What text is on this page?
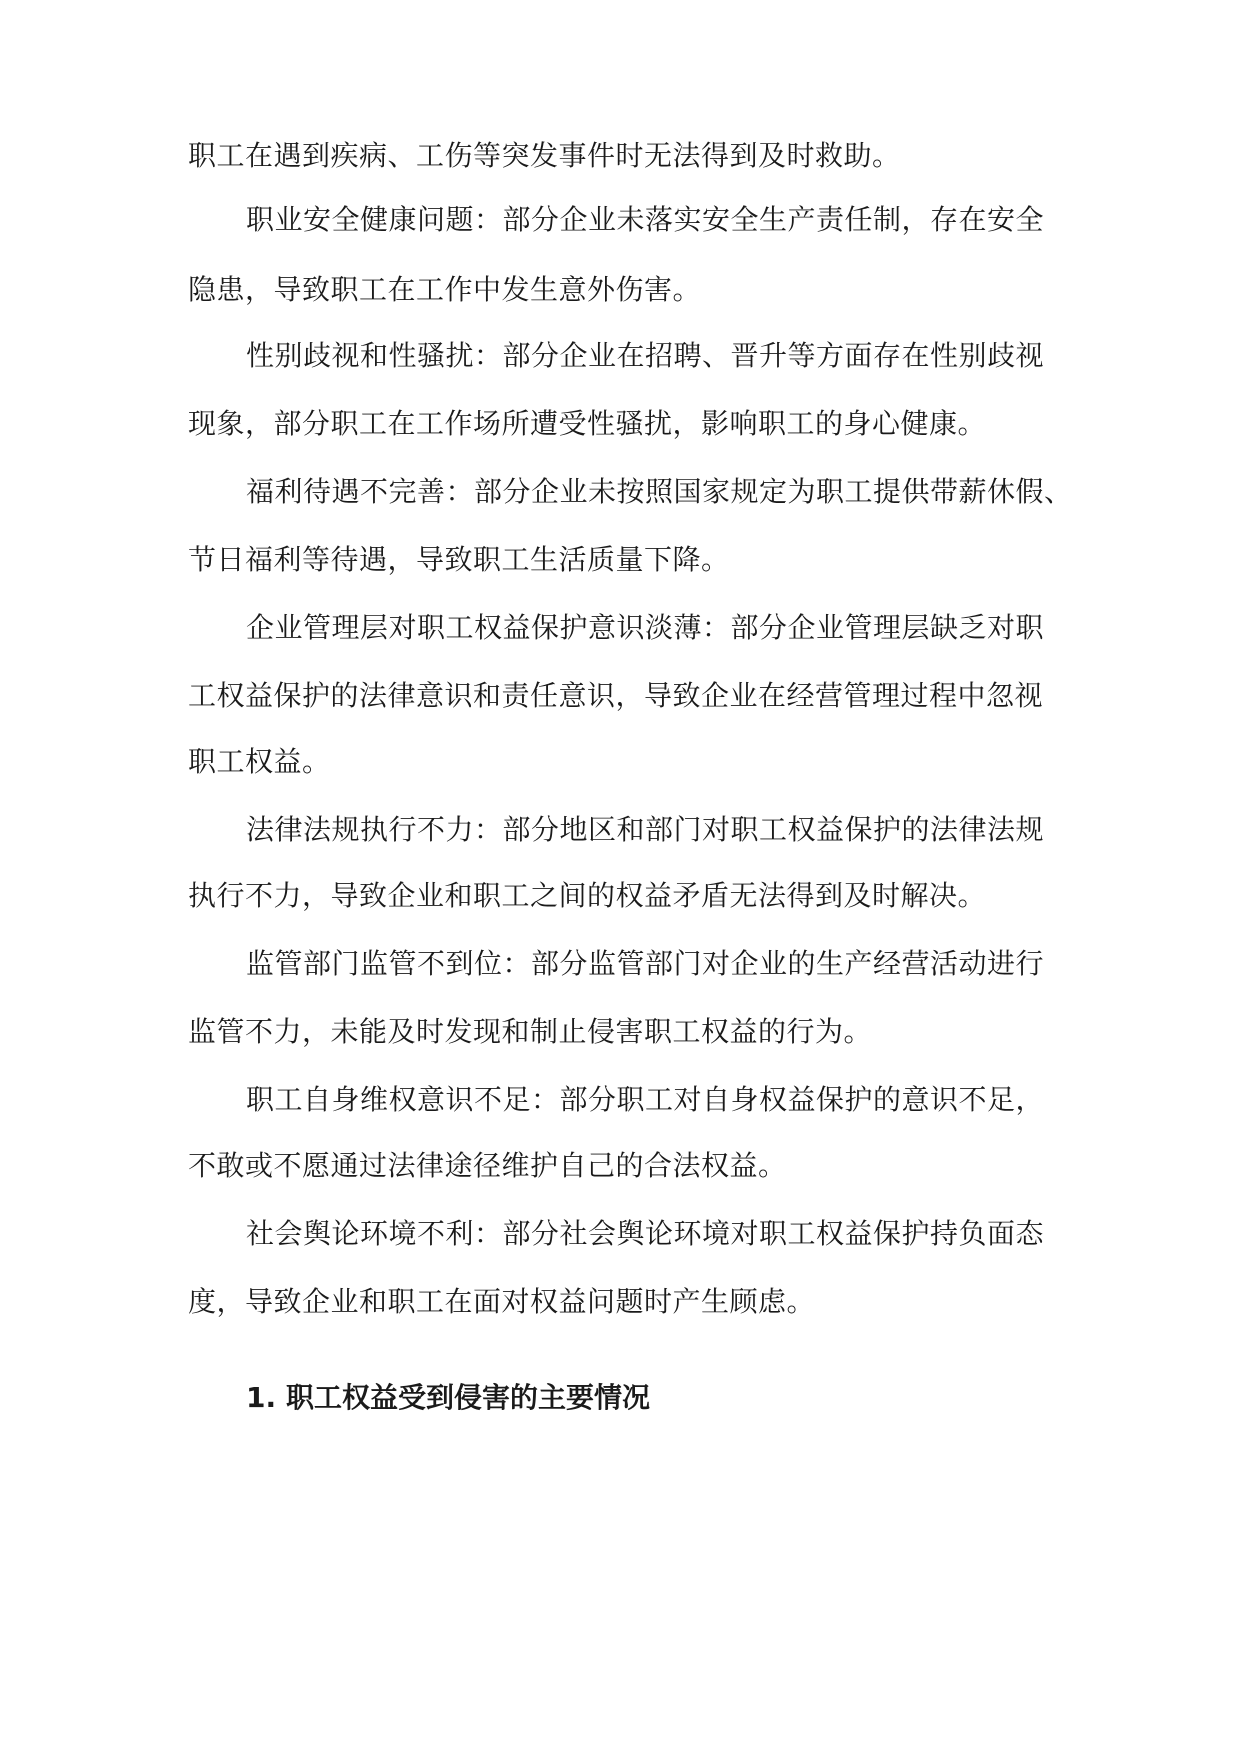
职工在遇到疾病、工伤等突发事件时无法得到及时救助。
职业安全健康问题：部分企业未落实安全生产责任制，存在安全
隐患，导致职工在工作中发生意外伤害。
性别歧视和性骚扰：部分企业在招聘、晋升等方面存在性别歧视
现象，部分职工在工作场所遭受性骚扰，影响职工的身心健康。
福利待遇不完善：部分企业未按照国家规定为职工提供带薪休假、
节日福利等待遇，导致职工生活质量下降。
企业管理层对职工权益保护意识淡薄：部分企业管理层缺乏对职
工权益保护的法律意识和责任意识，导致企业在经营管理过程中忽视
职工权益。
法律法规执行不力：部分地区和部门对职工权益保护的法律法规
执行不力，导致企业和职工之间的权益矛盾无法得到及时解决。
监管部门监管不到位：部分监管部门对企业的生产经营活动进行
监管不力，未能及时发现和制止侵害职工权益的行为。
职工自身维权意识不足：部分职工对自身权益保护的意识不足，
不敢或不愿通过法律途径维护自己的合法权益。
社会舆论环境不利：部分社会舆论环境对职工权益保护持负面态
度，导致企业和职工在面对权益问题时产生顾虑。
1. 职工权益受到侵害的主要情况
